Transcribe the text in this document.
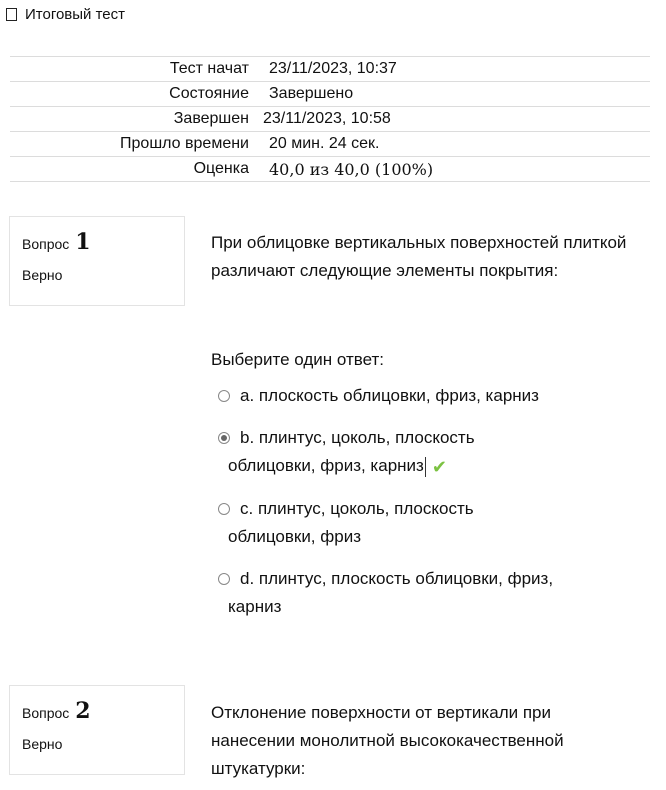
Итоговый тест
Тест начат	23/11/2023, 10:37
Состояние	Завершено
Завершен	23/11/2023, 10:58
Прошло времени	20 мин. 24 сек.
Оценка	40,0 из 40,0 (100%)
Вопрос 1
Верно
При облицовке вертикальных поверхностей плиткой различают следующие элементы покрытия:
Выберите один ответ:
a. плоскость облицовки, фриз, карниз
b. плинтус, цоколь, плоскость
облицовки, фриз, карниз ✔
c. плинтус, цоколь, плоскость
облицовки, фриз
d. плинтус, плоскость облицовки, фриз,
карниз
Вопрос 2
Верно
Отклонение поверхности от вертикали при нанесении монолитной высококачественной штукатурки:
